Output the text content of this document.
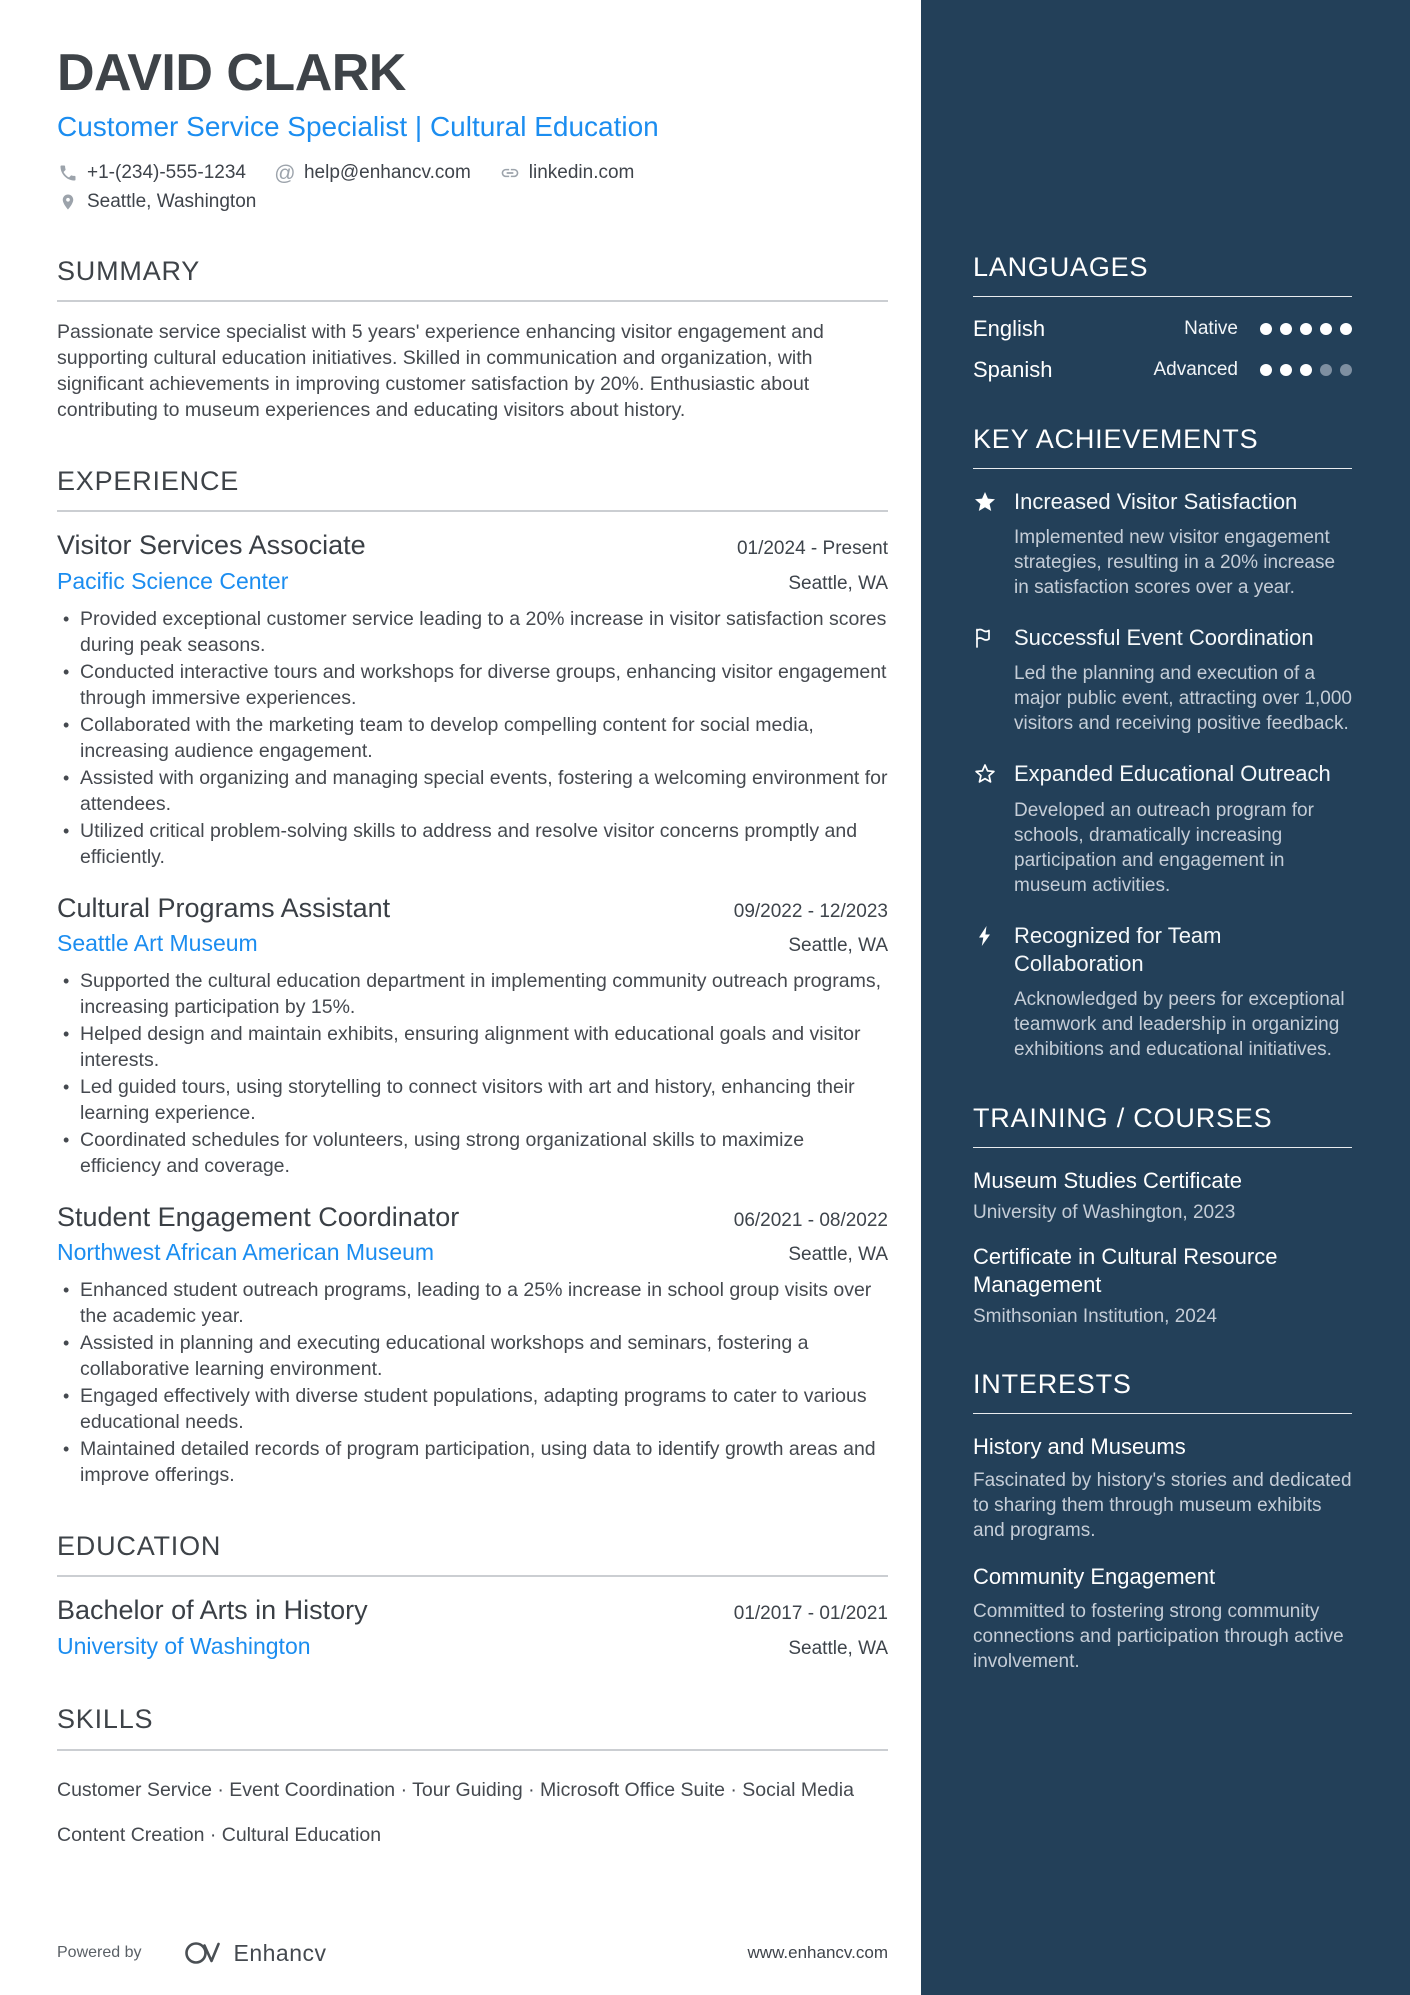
DAVID CLARK
Customer Service Specialist | Cultural Education
+1-(234)-555-1234 @ help@enhancv.com	linkedin.com
Seattle, Washington
SUMMARY

Passionate service specialist with 5 years' experience enhancing visitor engagement and supporting cultural education initiatives. Skilled in communication and organization, with significant achievements in improving customer satisfaction by 20%. Enthusiastic about contributing to museum experiences and educating visitors about history.

EXPERIENCE
Visitor Services Associate	01/2024 - Present
Pacific Science Center	Seattle, WA
• Provided exceptional customer service leading to a 20% increase in visitor satisfaction scores during peak seasons.
• Conducted interactive tours and workshops for diverse groups, enhancing visitor engagement through immersive experiences.
• Collaborated with the marketing team to develop compelling content for social media, increasing audience engagement.
• Assisted with organizing and managing special events, fostering a welcoming environment for attendees.
• Utilized critical problem-solving skills to address and resolve visitor concerns promptly and efficiently.
Cultural Programs Assistant	09/2022 - 12/2023
Seattle Art Museum	Seattle, WA
• Supported the cultural education department in implementing community outreach programs, increasing participation by 15%.
• Helped design and maintain exhibits, ensuring alignment with educational goals and visitor interests.
• Led guided tours, using storytelling to connect visitors with art and history, enhancing their learning experience.
• Coordinated schedules for volunteers, using strong organizational skills to maximize efficiency and coverage.
Student Engagement Coordinator	06/2021 - 08/2022
Northwest African American Museum	Seattle, WA
• Enhanced student outreach programs, leading to a 25% increase in school group visits over the academic year.
• Assisted in planning and executing educational workshops and seminars, fostering a collaborative learning environment.
• Engaged effectively with diverse student populations, adapting programs to cater to various educational needs.
• Maintained detailed records of program participation, using data to identify growth areas and improve offerings.
EDUCATION
Bachelor of Arts in History	01/2017 - 01/2021
University of Washington	Seattle, WA
SKILLS

Customer Service · Event Coordination · Tour Guiding · Microsoft Office Suite · Social Media Content Creation · Cultural Education

Powered by	Enhancv	www.enhancv.com
LANGUAGES
English	Native
Spanish	Advanced
KEY ACHIEVEMENTS

Increased Visitor Satisfaction

Implemented new visitor engagement strategies, resulting in a 20% increase in satisfaction scores over a year.

Successful Event Coordination

Led the planning and execution of a major public event, attracting over 1,000 visitors and receiving positive feedback.

Expanded Educational Outreach

Developed an outreach program for schools, dramatically increasing participation and engagement in museum activities.

Recognized for Team Collaboration

Acknowledged by peers for exceptional teamwork and leadership in organizing exhibitions and educational initiatives.

TRAINING / COURSES

Museum Studies Certificate

University of Washington, 2023

Certificate in Cultural Resource Management

Smithsonian Institution, 2024

INTERESTS

History and Museums

Fascinated by history's stories and dedicated to sharing them through museum exhibits and programs.

Community Engagement

Committed to fostering strong community connections and participation through active involvement.
